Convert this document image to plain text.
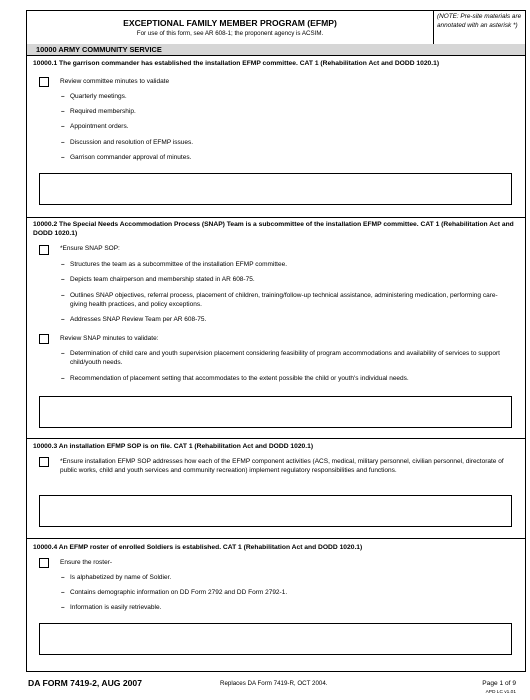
EXCEPTIONAL FAMILY MEMBER PROGRAM (EFMP)
For use of this form, see AR 608-1; the proponent agency is ACSIM.
(NOTE: Pre-site materials are annotated with an asterisk *)
10000 ARMY COMMUNITY SERVICE
10000.1 The garrison commander has established the installation EFMP committee. CAT 1 (Rehabilitation Act and DODD 1020.1)
Review committee minutes to validate
– Quarterly meetings.
– Required membership.
– Appointment orders.
– Discussion and resolution of EFMP issues.
– Garrison commander approval of minutes.
10000.2 The Special Needs Accommodation Process (SNAP) Team is a subcommittee of the installation EFMP committee. CAT 1 (Rehabilitation Act and DODD 1020.1)
*Ensure SNAP SOP:
– Structures the team as a subcommittee of the installation EFMP committee.
– Depicts team chairperson and membership stated in AR 608-75.
– Outlines SNAP objectives, referral process, placement of children, training/follow-up technical assistance, administering medication, performing care-giving health practices, and policy exceptions.
– Addresses SNAP Review Team per AR 608-75.
Review SNAP minutes to validate:
– Determination of child care and youth supervision placement considering feasibility of program accommodations and availability of services to support child/youth needs.
– Recommendation of placement setting that accommodates to the extent possible the child or youth's individual needs.
10000.3 An installation EFMP SOP is on file. CAT 1 (Rehabilitation Act and DODD 1020.1)
*Ensure installation EFMP SOP addresses how each of the EFMP component activities (ACS, medical, military personnel, civilian personnel, directorate of public works, child and youth services and community recreation) implement regulatory responsibilities and functions.
10000.4 An EFMP roster of enrolled Soldiers is established. CAT 1 (Rehabilitation Act and DODD 1020.1)
Ensure the roster-
– Is alphabetized by name of Soldier.
– Contains demographic information on DD Form 2792 and DD Form 2792-1.
– Information is easily retrievable.
DA FORM 7419-2, AUG 2007	Replaces DA Form 7419-R, OCT 2004.	Page 1 of 9
APD LC v1.01
